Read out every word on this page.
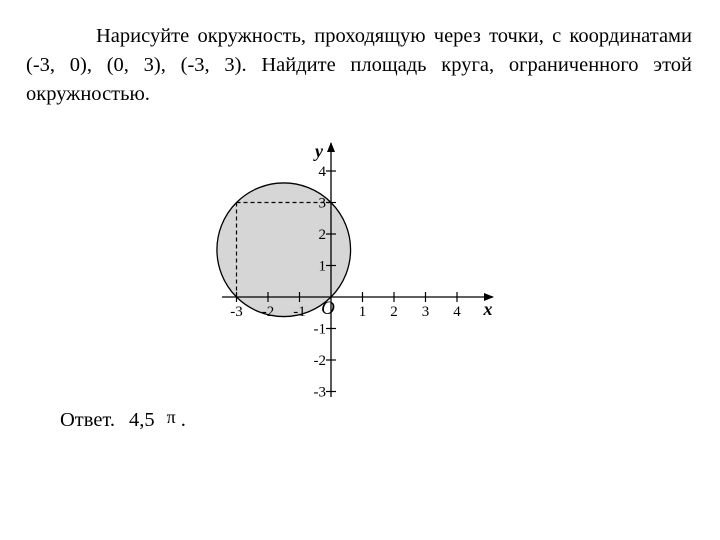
Нарисуйте окружность, проходящую через точки, с координатами (-3, 0), (0, 3), (-3, 3). Найдите площадь круга, ограниченного этой окружностью.

-3 -2 -1	1 2 3 4
4
3
2
1
-1
-2
-3
x
y
O
Ответ. 4,5 π .
